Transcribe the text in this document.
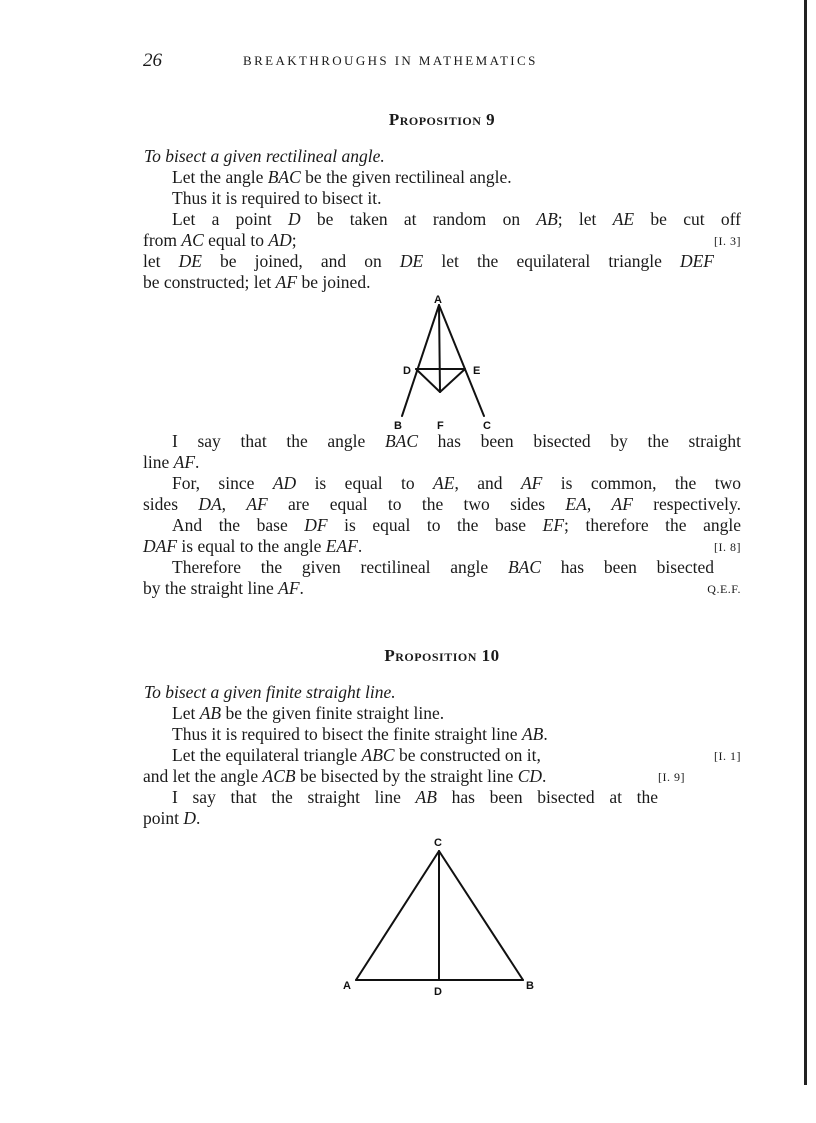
26	BREAKTHROUGHS IN MATHEMATICS
Proposition 9

To bisect a given rectilineal angle.

Let the angle BAC be the given rectilineal angle.

Thus it is required to bisect it.

Let a point D be taken at random on AB; let AE be cut off

from AC equal to AD;	[I. 3]

let DE be joined, and on DE let the equilateral triangle DEF

be constructed; let AF be joined.

A
D	E
B	F	C

I say that the angle BAC has been bisected by the straight

line AF.

For, since AD is equal to AE, and AF is common, the two

sides DA, AF are equal to the two sides EA, AF respectively.

And the base DF is equal to the base EF; therefore the angle

DAF is equal to the angle EAF.	[I. 8]

Therefore the given rectilineal angle BAC has been bisected

by the straight line AF.	Q.E.F.

Proposition 10

To bisect a given finite straight line.

Let AB be the given finite straight line.

Thus it is required to bisect the finite straight line AB.

Let the equilateral triangle ABC be constructed on it,	[I. 1]

and let the angle ACB be bisected by the straight line CD.	[I. 9]

I say that the straight line AB has been bisected at the

point D.

C
A	B
D
